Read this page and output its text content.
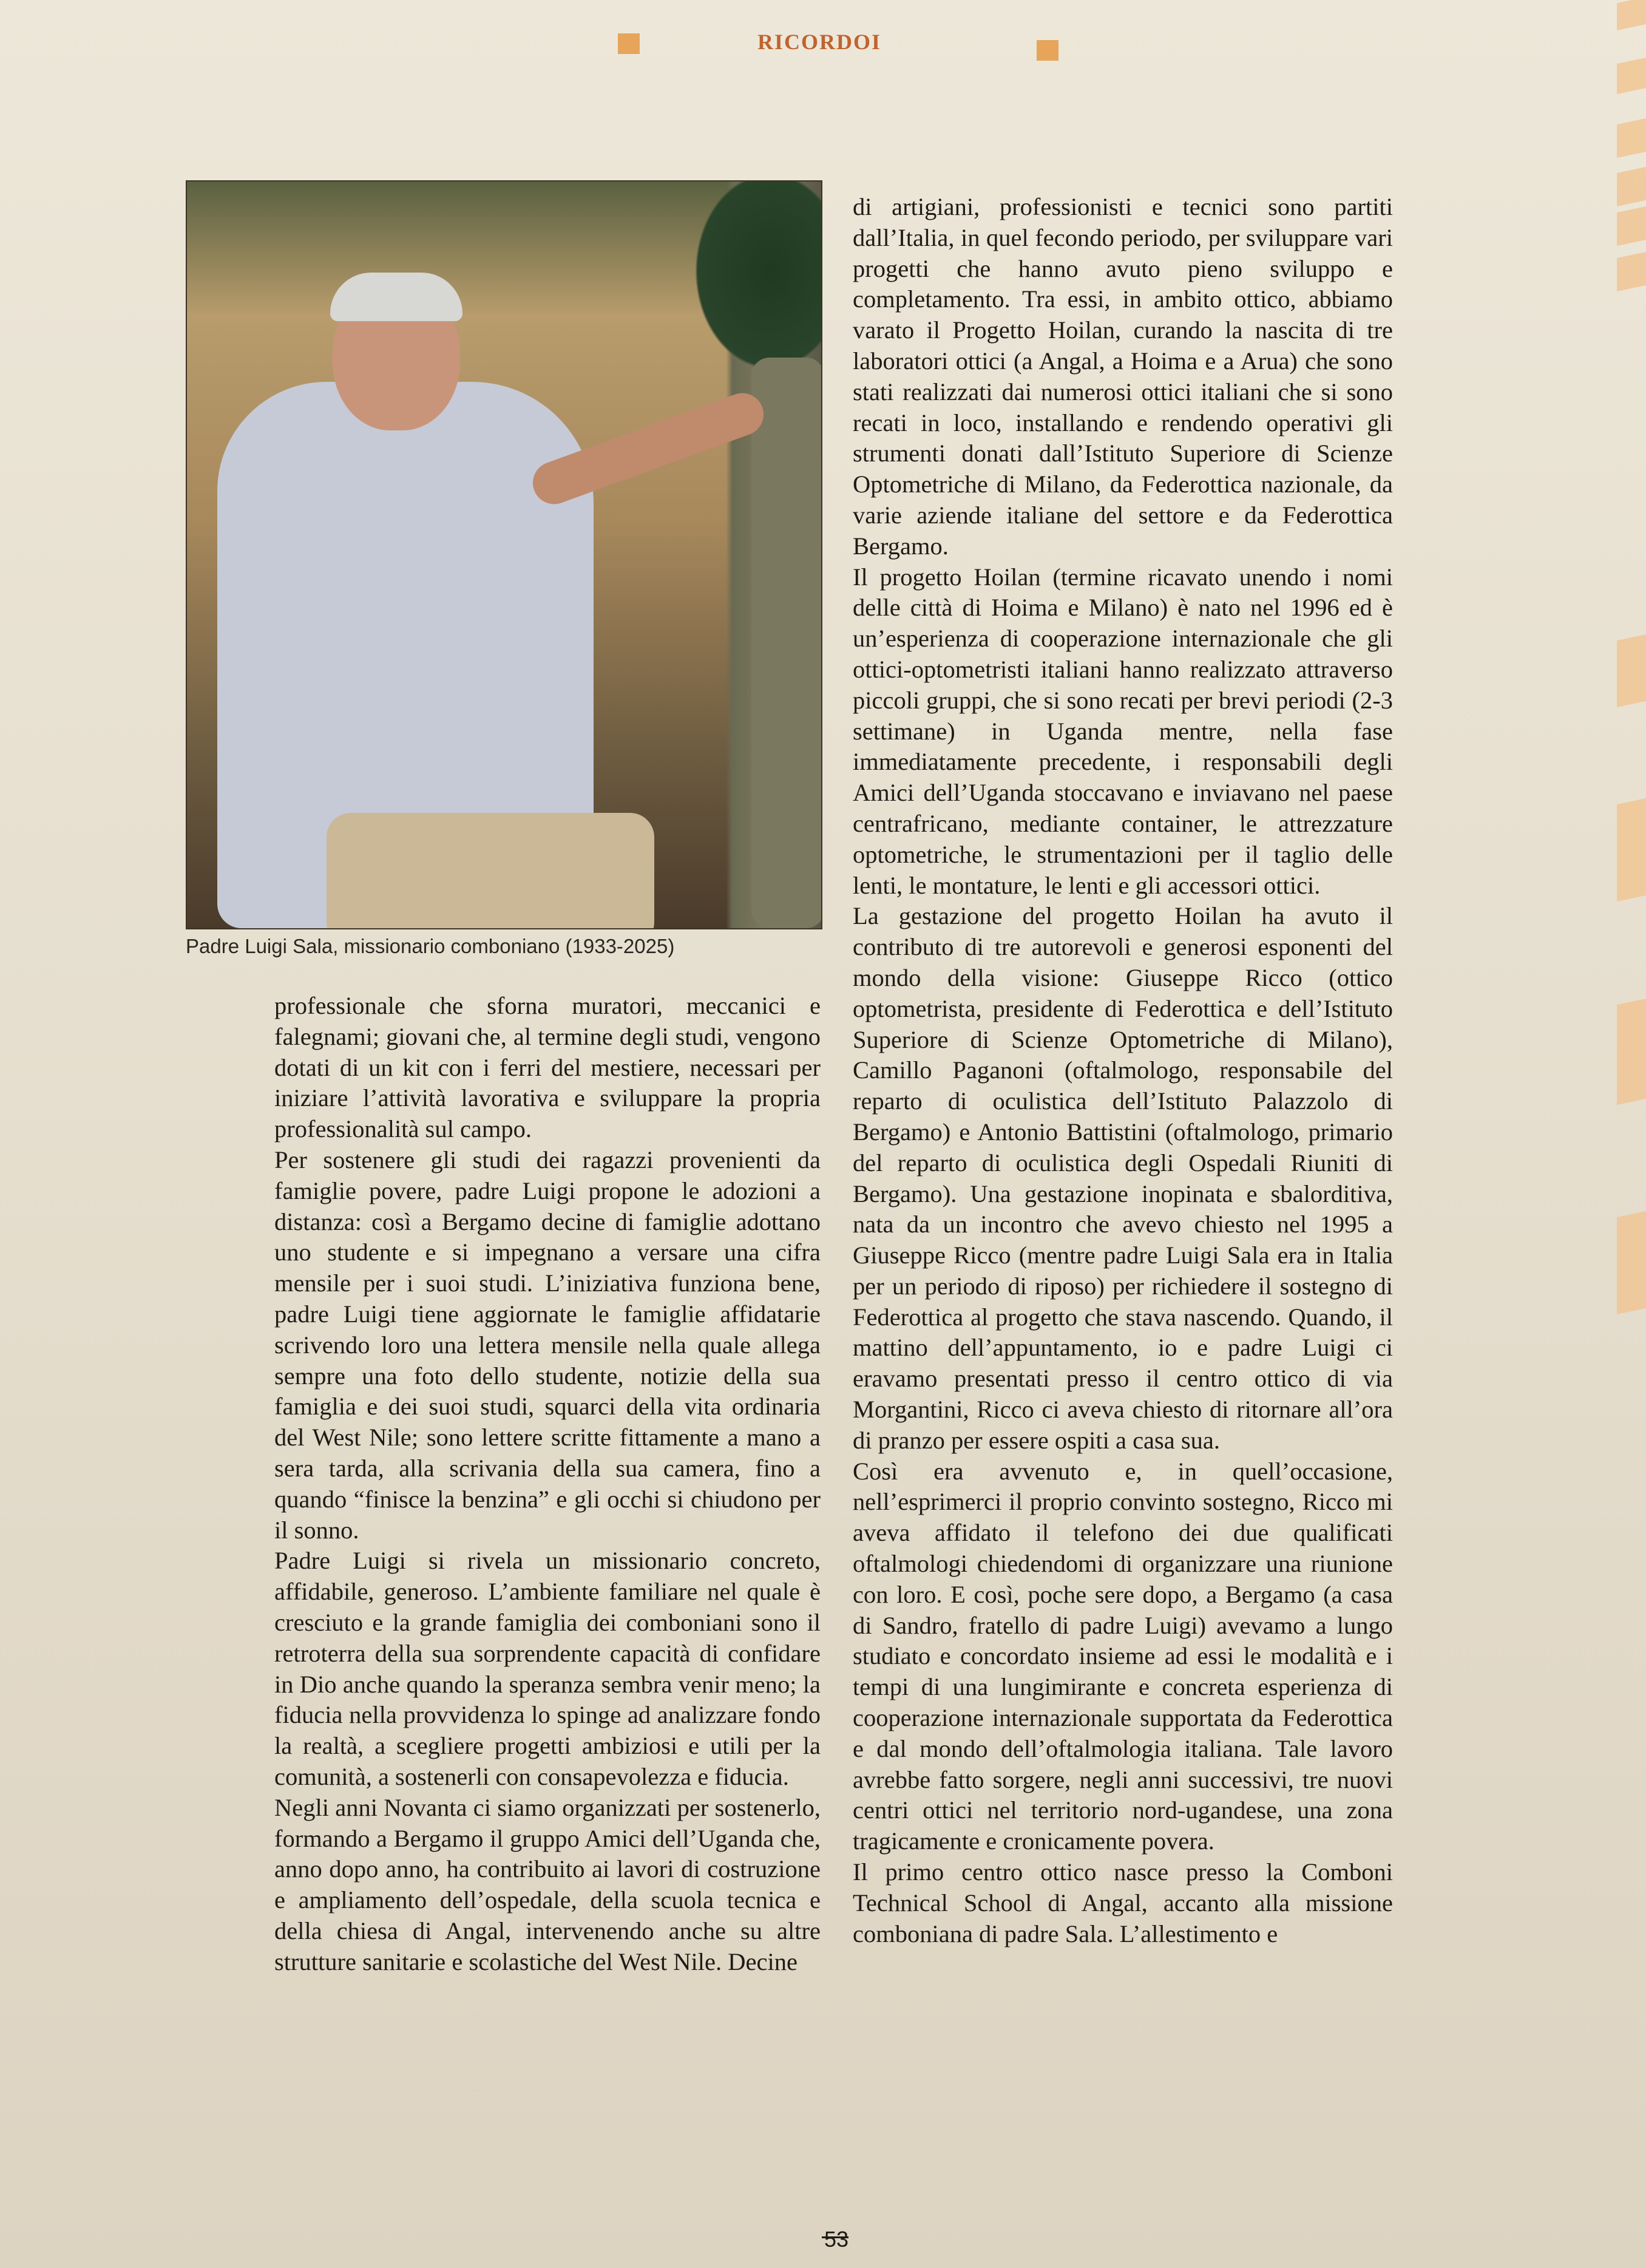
RICORDOI
Padre Luigi Sala, missionario comboniano (1933-2025)

professionale che sforna muratori, meccanici e falegnami; giovani che, al termine degli studi, vengono dotati di un kit con i ferri del mestiere, necessari per iniziare l’attività lavorativa e sviluppare la propria professionalità sul campo.

Per sostenere gli studi dei ragazzi provenienti da famiglie povere, padre Luigi propone le adozioni a distanza: così a Bergamo decine di famiglie adottano uno studente e si impegnano a versare una cifra mensile per i suoi studi. L’iniziativa funziona bene, padre Luigi tiene aggiornate le famiglie affidatarie scrivendo loro una lettera mensile nella quale allega sempre una foto dello studente, notizie della sua famiglia e dei suoi studi, squarci della vita ordinaria del West Nile; sono lettere scritte fittamente a mano a sera tarda, alla scrivania della sua camera, fino a quando “finisce la benzina” e gli occhi si chiudono per il sonno.

Padre Luigi si rivela un missionario concreto, affidabile, generoso. L’ambiente familiare nel quale è cresciuto e la grande famiglia dei comboniani sono il retroterra della sua sorprendente capacità di confidare in Dio anche quando la speranza sembra venir meno; la fiducia nella provvidenza lo spinge ad analizzare fondo la realtà, a scegliere progetti ambiziosi e utili per la comunità, a sostenerli con consapevolezza e fiducia.

Negli anni Novanta ci siamo organizzati per sostenerlo, formando a Bergamo il gruppo Amici dell’Uganda che, anno dopo anno, ha contribuito ai lavori di costruzione e ampliamento dell’ospedale, della scuola tecnica e della chiesa di Angal, intervenendo anche su altre strutture sanitarie e scolastiche del West Nile. Decine

di artigiani, professionisti e tecnici sono partiti dall’Italia, in quel fecondo periodo, per sviluppare vari progetti che hanno avuto pieno sviluppo e completamento. Tra essi, in ambito ottico, abbiamo varato il Progetto Hoilan, curando la nascita di tre laboratori ottici (a Angal, a Hoima e a Arua) che sono stati realizzati dai numerosi ottici italiani che si sono recati in loco, installando e rendendo operativi gli strumenti donati dall’Istituto Superiore di Scienze Optometriche di Milano, da Federottica nazionale, da varie aziende italiane del settore e da Federottica Bergamo.

Il progetto Hoilan (termine ricavato unendo i nomi delle città di Hoima e Milano) è nato nel 1996 ed è un’esperienza di cooperazione internazionale che gli ottici-optometristi italiani hanno realizzato attraverso piccoli gruppi, che si sono recati per brevi periodi (2-3 settimane) in Uganda mentre, nella fase immediatamente precedente, i responsabili degli Amici dell’Uganda stoccavano e inviavano nel paese centrafricano, mediante container, le attrezzature optometriche, le strumentazioni per il taglio delle lenti, le montature, le lenti e gli accessori ottici.

La gestazione del progetto Hoilan ha avuto il contributo di tre autorevoli e generosi esponenti del mondo della visione: Giuseppe Ricco (ottico optometrista, presidente di Federottica e dell’Istituto Superiore di Scienze Optometriche di Milano), Camillo Paganoni (oftalmologo, responsabile del reparto di oculistica dell’Istituto Palazzolo di Bergamo) e Antonio Battistini (oftalmologo, primario del reparto di oculistica degli Ospedali Riuniti di Bergamo). Una gestazione inopinata e sbalorditiva, nata da un incontro che avevo chiesto nel 1995 a Giuseppe Ricco (mentre padre Luigi Sala era in Italia per un periodo di riposo) per richiedere il sostegno di Federottica al progetto che stava nascendo. Quando, il mattino dell’appuntamento, io e padre Luigi ci eravamo presentati presso il centro ottico di via Morgantini, Ricco ci aveva chiesto di ritornare all’ora di pranzo per essere ospiti a casa sua.

Così era avvenuto e, in quell’occasione, nell’esprimerci il proprio convinto sostegno, Ricco mi aveva affidato il telefono dei due qualificati oftalmologi chiedendomi di organizzare una riunione con loro. E così, poche sere dopo, a Bergamo (a casa di Sandro, fratello di padre Luigi) avevamo a lungo studiato e concordato insieme ad essi le modalità e i tempi di una lungimirante e concreta esperienza di cooperazione internazionale supportata da Federottica e dal mondo dell’oftalmologia italiana. Tale lavoro avrebbe fatto sorgere, negli anni successivi, tre nuovi centri ottici nel territorio nord-ugandese, una zona tragicamente e cronicamente povera.

Il primo centro ottico nasce presso la Comboni Technical School di Angal, accanto alla missione comboniana di padre Sala. L’allestimento e

53
